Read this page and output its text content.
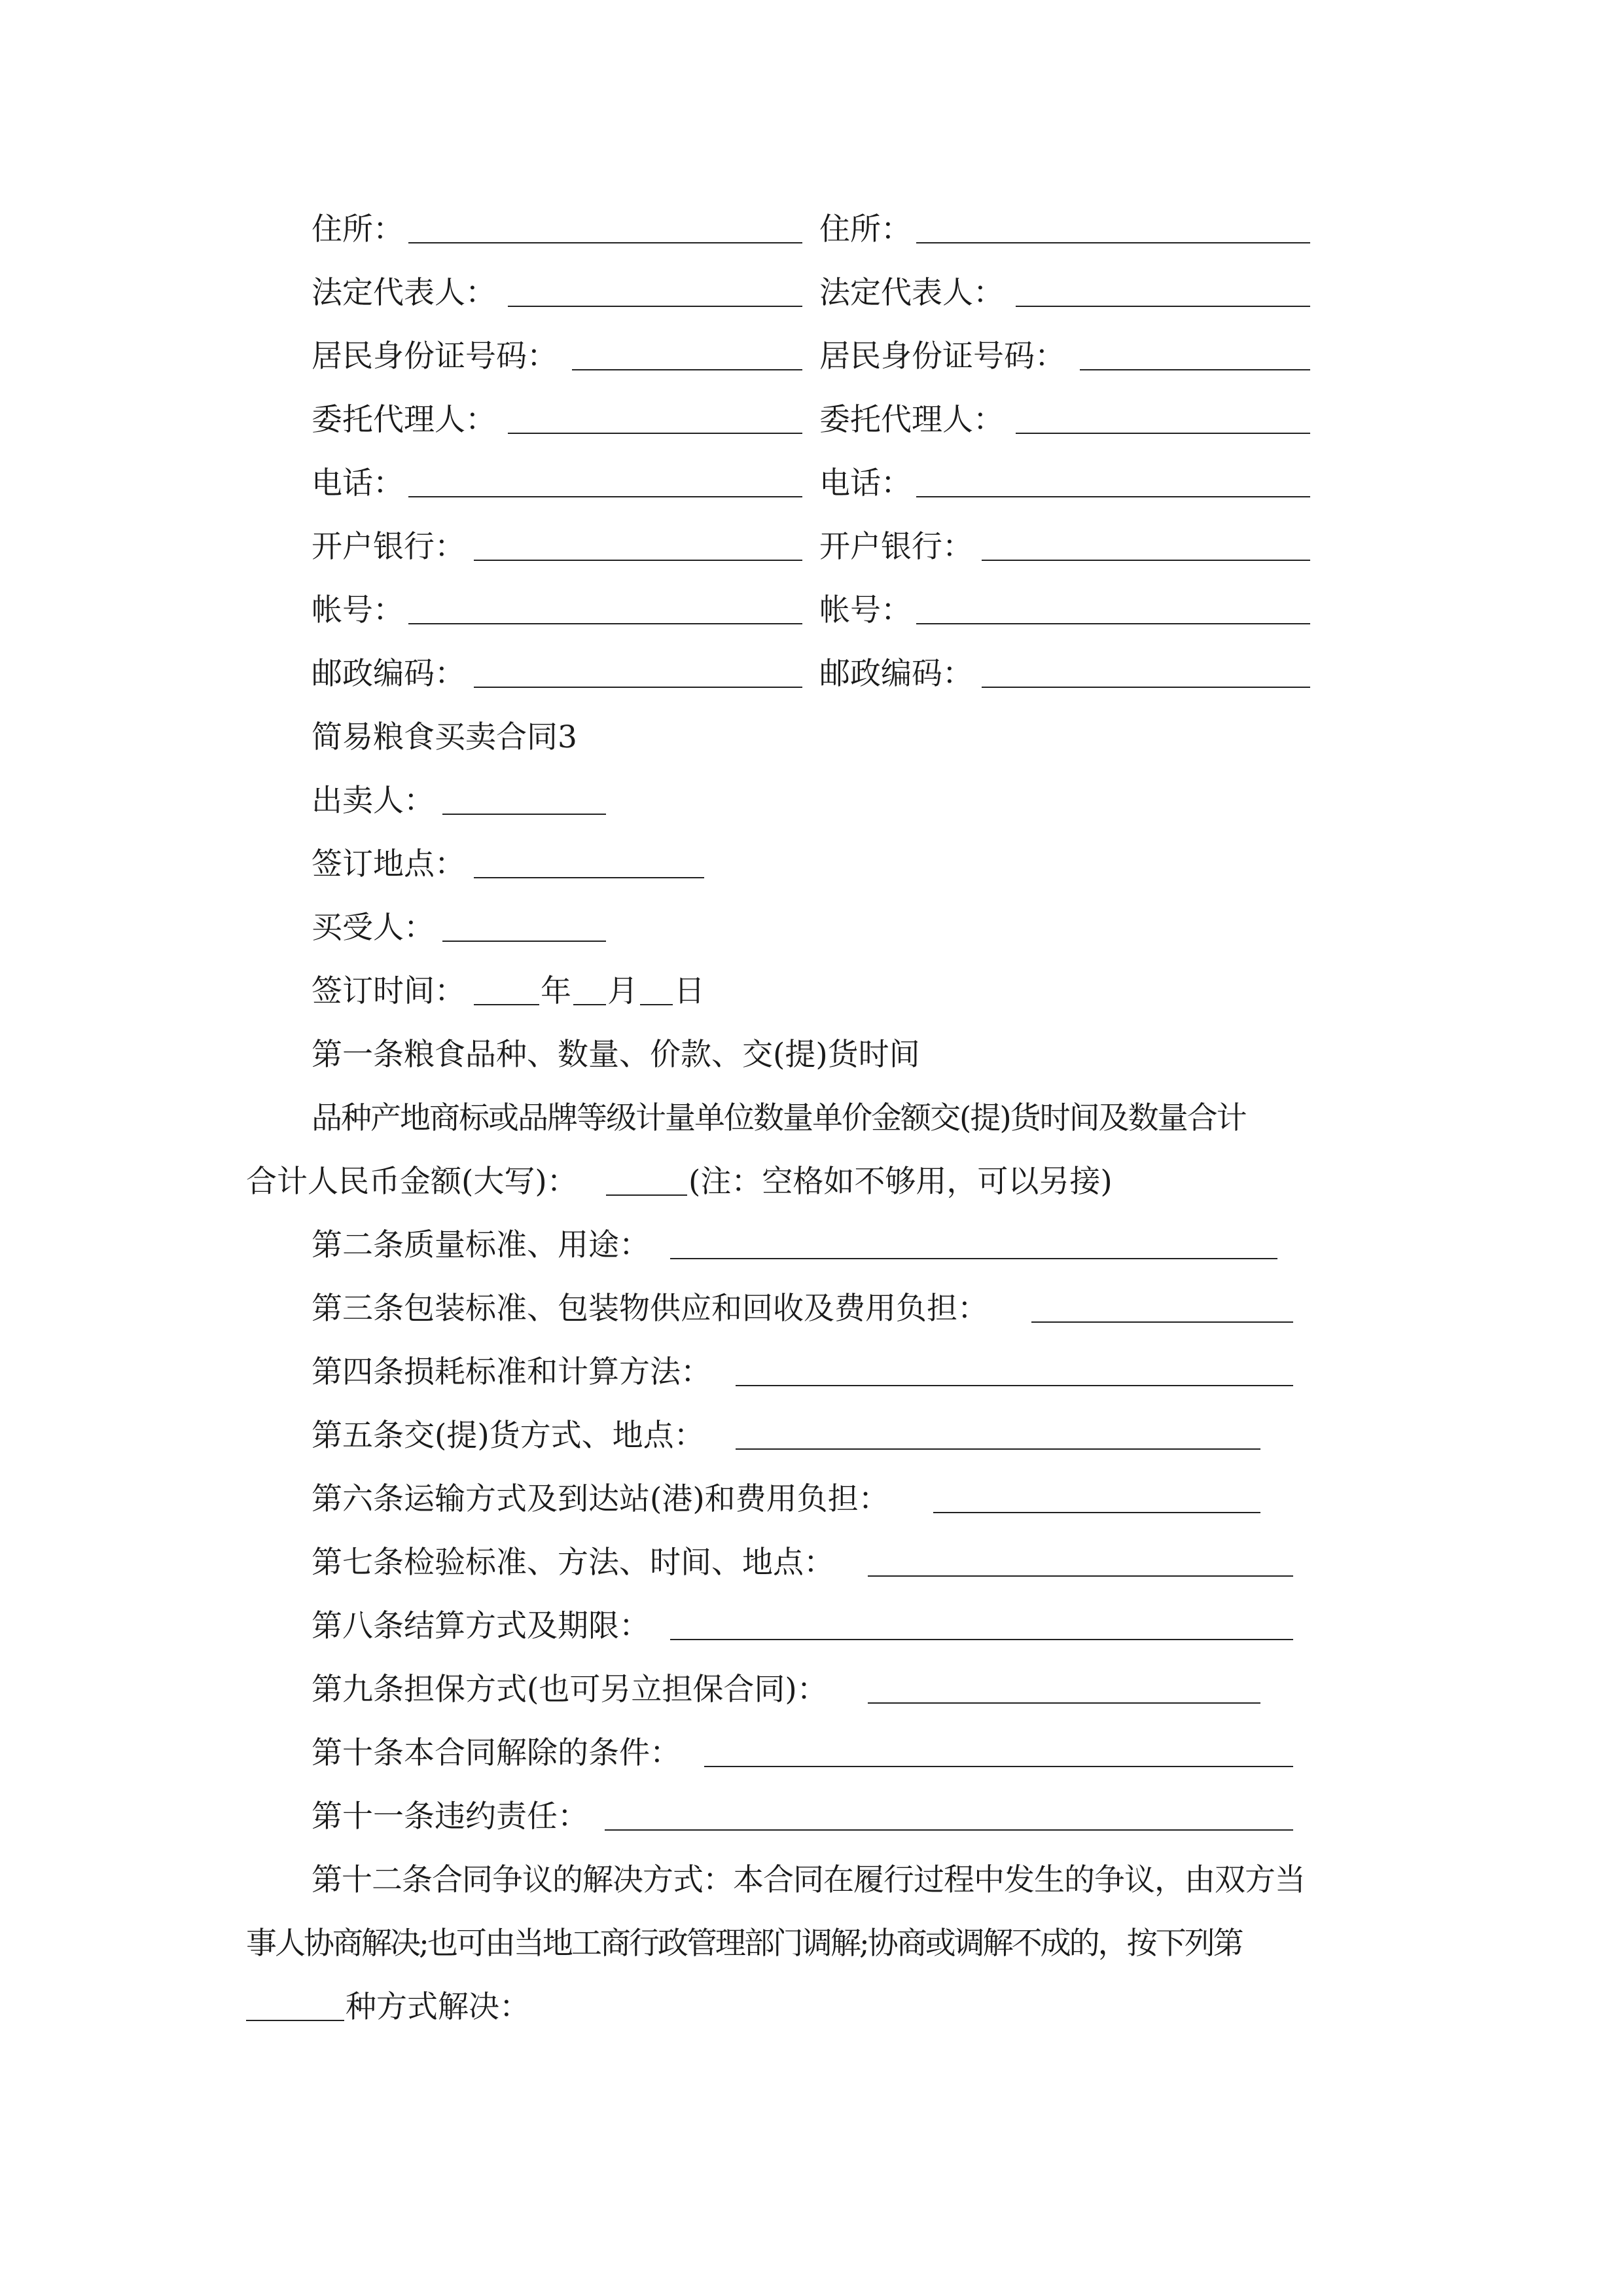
住所：	住所：
法定代表人：	法定代表人：
居民身份证号码：	居民身份证号码：
委托代理人：	委托代理人：
电话：	电话：
开户银行：	开户银行：
帐号：	帐号：
邮政编码：	邮政编码：
简易粮食买卖合同3
出卖人：
签订地点：
买受人：
签订时间： 年 月 日
第一条粮食品种、数量、价款、交(提)货时间
品种产地商标或品牌等级计量单位数量单价金额交(提)货时间及数量合计
合计人民币金额(大写)：	(注：空格如不够用，可以另接)
第二条质量标准、用途：
第三条包装标准、包装物供应和回收及费用负担：
第四条损耗标准和计算方法：
第五条交(提)货方式、地点：
第六条运输方式及到达站(港)和费用负担：
第七条检验标准、方法、时间、地点：
第八条结算方式及期限：
第九条担保方式(也可另立担保合同)：
第十条本合同解除的条件：
第十一条违约责任：
第十二条合同争议的解决方式：本合同在履行过程中发生的争议，由双方当
事人协商解决;也可由当地工商行政管理部门调解;协商或调解不成的，按下列第
种方式解决：
